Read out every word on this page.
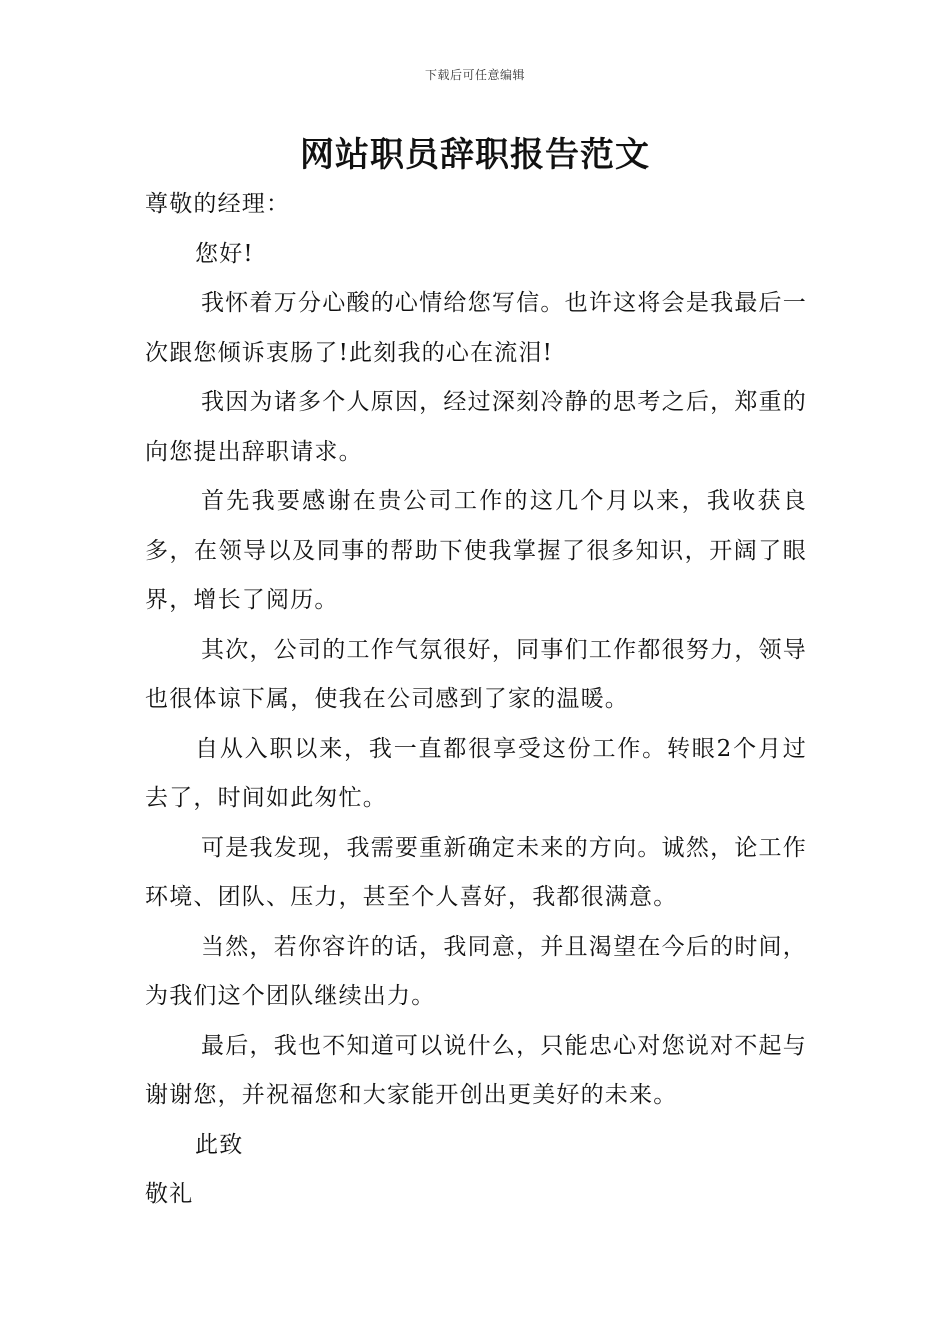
下载后可任意编辑
网站职员辞职报告范文

尊敬的经理：

您好!

我怀着万分心酸的心情给您写信。也许这将会是我最后一次跟您倾诉衷肠了!此刻我的心在流泪!

我因为诸多个人原因，经过深刻冷静的思考之后，郑重的向您提出辞职请求。

首先我要感谢在贵公司工作的这几个月以来，我收获良多，在领导以及同事的帮助下使我掌握了很多知识，开阔了眼界，增长了阅历。

其次，公司的工作气氛很好，同事们工作都很努力，领导也很体谅下属，使我在公司感到了家的温暖。

自从入职以来，我一直都很享受这份工作。转眼2个月过去了，时间如此匆忙。

可是我发现，我需要重新确定未来的方向。诚然，论工作环境、团队、压力，甚至个人喜好，我都很满意。

当然，若你容许的话，我同意，并且渴望在今后的时间，为我们这个团队继续出力。

最后，我也不知道可以说什么，只能忠心对您说对不起与谢谢您，并祝福您和大家能开创出更美好的未来。

此致

敬礼
